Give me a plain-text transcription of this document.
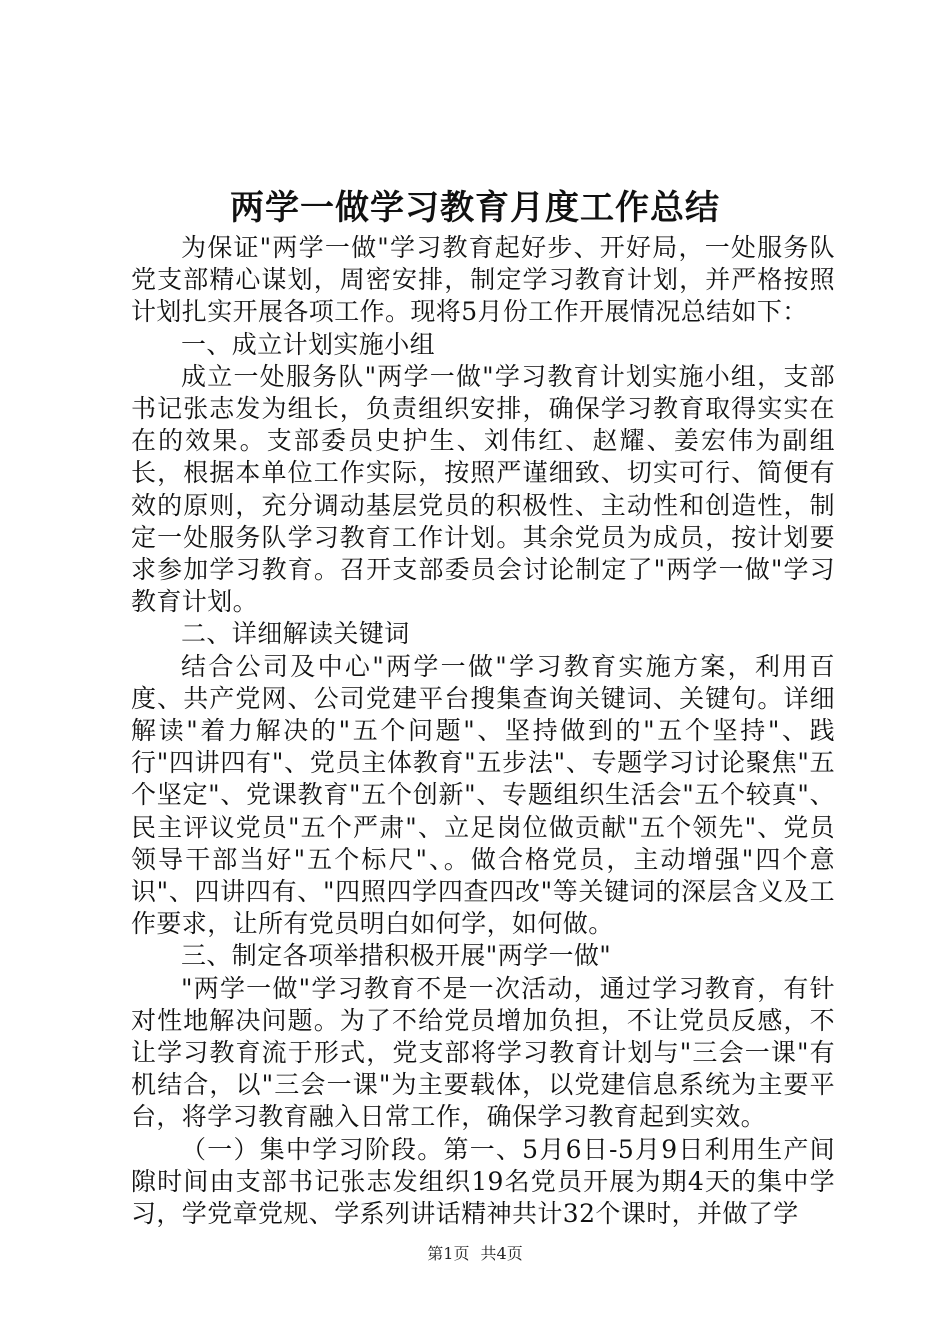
两学一做学习教育月度工作总结

为保证"两学一做"学习教育起好步、开好局，一处服务队党支部精心谋划，周密安排，制定学习教育计划，并严格按照计划扎实开展各项工作。现将5月份工作开展情况总结如下：

一、成立计划实施小组

成立一处服务队"两学一做"学习教育计划实施小组，支部书记张志发为组长，负责组织安排，确保学习教育取得实实在在的效果。支部委员史护生、刘伟红、赵耀、姜宏伟为副组长，根据本单位工作实际，按照严谨细致、切实可行、简便有效的原则，充分调动基层党员的积极性、主动性和创造性，制定一处服务队学习教育工作计划。其余党员为成员，按计划要求参加学习教育。召开支部委员会讨论制定了"两学一做"学习教育计划。

二、详细解读关键词

结合公司及中心"两学一做"学习教育实施方案，利用百度、共产党网、公司党建平台搜集查询关键词、关键句。详细解读"着力解决的"五个问题"、坚持做到的"五个坚持"、践行"四讲四有"、党员主体教育"五步法"、专题学习讨论聚焦"五个坚定"、党课教育"五个创新"、专题组织生活会"五个较真"、民主评议党员"五个严肃"、立足岗位做贡献"五个领先"、党员领导干部当好"五个标尺"、。做合格党员，主动增强"四个意识"、四讲四有、"四照四学四查四改"等关键词的深层含义及工作要求，让所有党员明白如何学，如何做。

三、制定各项举措积极开展"两学一做"

"两学一做"学习教育不是一次活动，通过学习教育，有针对性地解决问题。为了不给党员增加负担，不让党员反感，不让学习教育流于形式，党支部将学习教育计划与"三会一课"有机结合，以"三会一课"为主要载体，以党建信息系统为主要平台，将学习教育融入日常工作，确保学习教育起到实效。

（一）集中学习阶段。第一、5月6日-5月9日利用生产间隙时间由支部书记张志发组织19名党员开展为期4天的集中学习，学党章党规、学系列讲话精神共计32个课时，并做了学

第1页 共4页
